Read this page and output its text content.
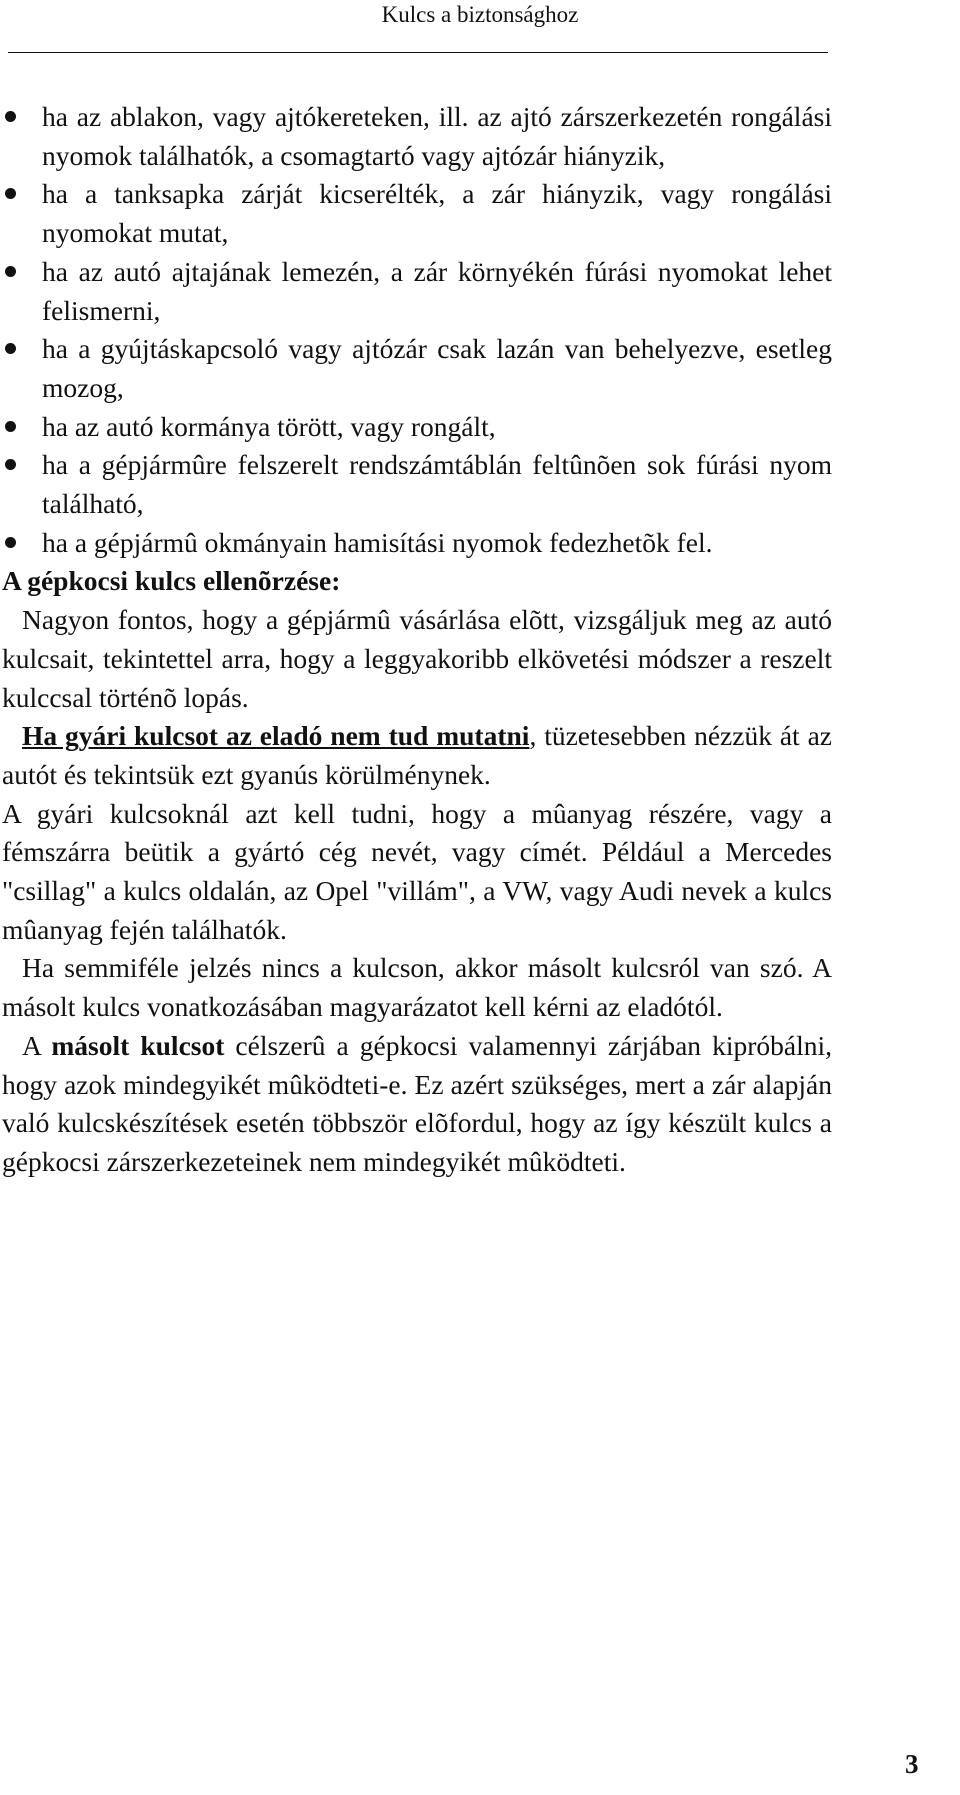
Kulcs a biztonsághoz
ha az ablakon, vagy ajtókereteken, ill. az ajtó zárszerkezetén rongálási nyomok találhatók, a csomagtartó vagy ajtózár hiányzik,
ha a tanksapka zárját kicserélték, a zár hiányzik, vagy rongálási nyomokat mutat,
ha az autó ajtajának lemezén, a zár környékén fúrási nyomokat lehet felismerni,
ha a gyújtáskapcsoló vagy ajtózár csak lazán van behelyezve, esetleg mozog,
ha az autó kormánya törött, vagy rongált,
ha a gépjármûre felszerelt rendszámtáblán feltûnõen sok fúrási nyom található,
ha a gépjármû okmányain hamisítási nyomok fedezhetõk fel.

A gépkocsi kulcs ellenõrzése:

Nagyon fontos, hogy a gépjármû vásárlása elõtt, vizsgáljuk meg az autó kulcsait, tekintettel arra, hogy a leggyakoribb elkövetési módszer a reszelt kulccsal történõ lopás.

Ha gyári kulcsot az eladó nem tud mutatni, tüzetesebben nézzük át az autót és tekintsük ezt gyanús körülménynek.

A gyári kulcsoknál azt kell tudni, hogy a mûanyag részére, vagy a fémszárra beütik a gyártó cég nevét, vagy címét. Például a Mercedes "csillag" a kulcs oldalán, az Opel "villám", a VW, vagy Audi nevek a kulcs mûanyag fején találhatók.

Ha semmiféle jelzés nincs a kulcson, akkor másolt kulcsról van szó. A másolt kulcs vonatkozásában magyarázatot kell kérni az eladótól.

A másolt kulcsot célszerû a gépkocsi valamennyi zárjában kipróbálni, hogy azok mindegyikét mûködteti-e. Ez azért szükséges, mert a zár alapján való kulcskészítések esetén többször elõfordul, hogy az így készült kulcs a gépkocsi zárszerkezeteinek nem mindegyikét mûködteti.

3
